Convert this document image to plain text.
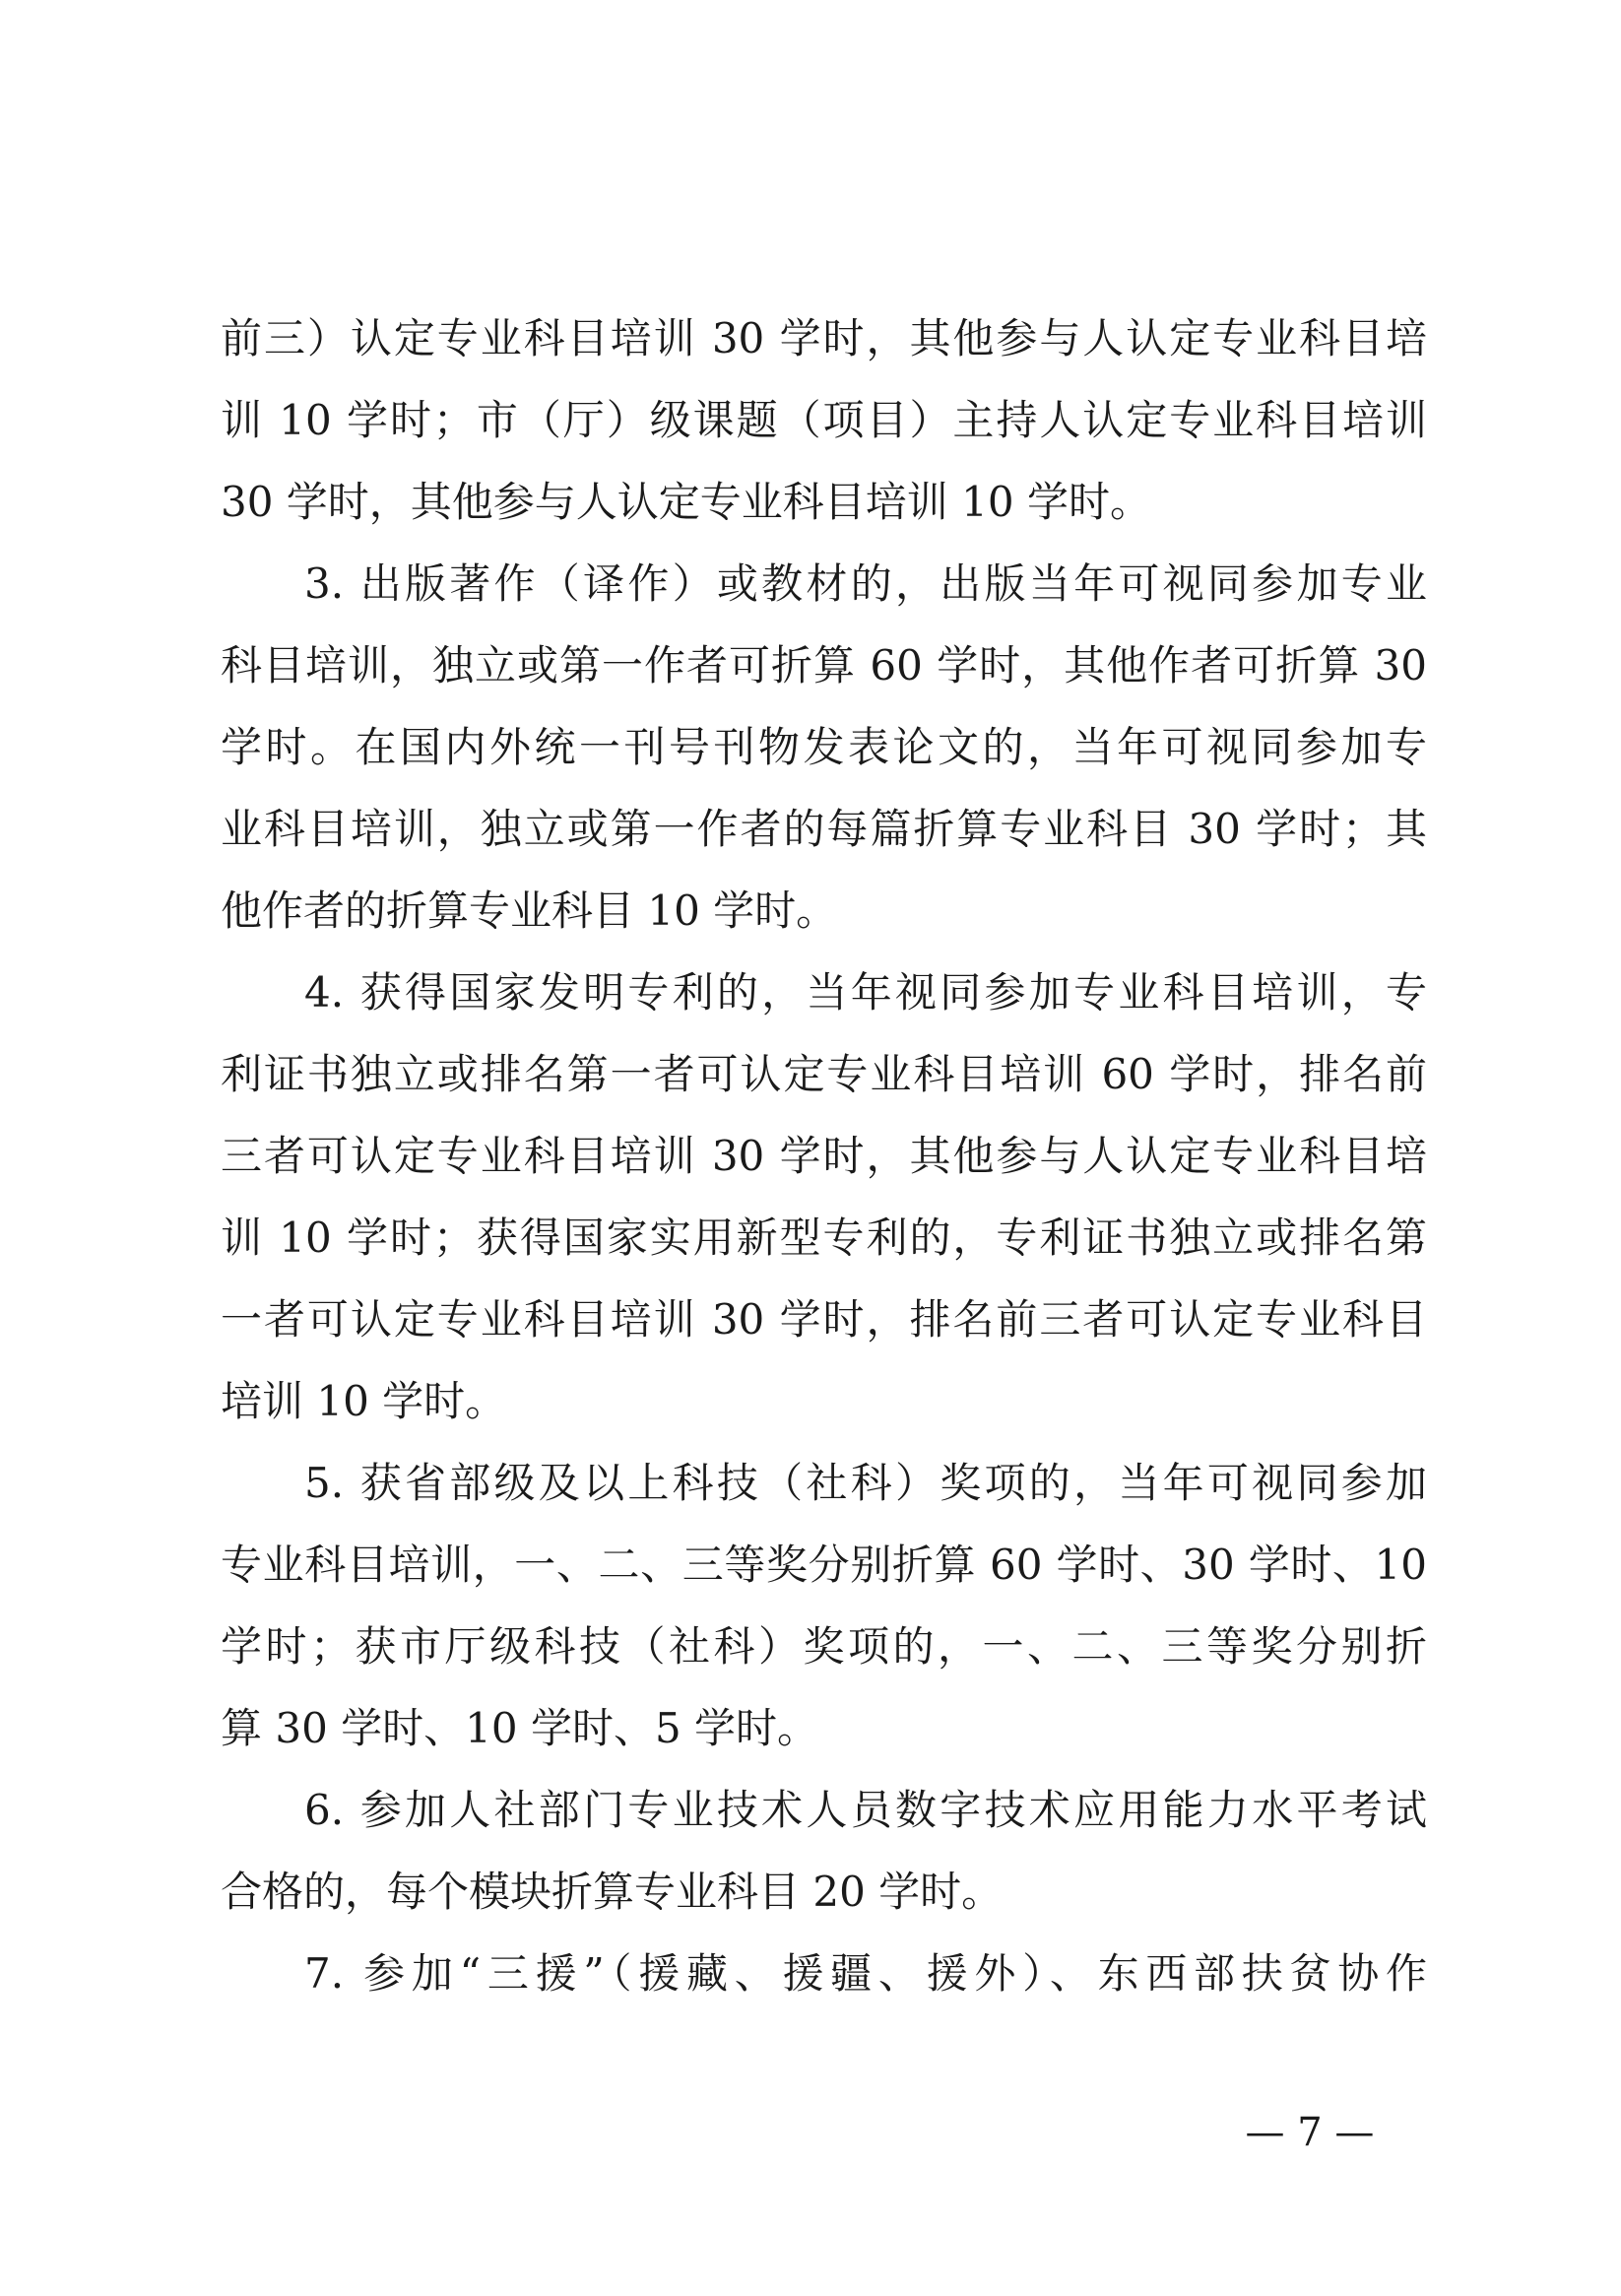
前三）认定专业科目培训 30 学时，其他参与人认定专业科目培
训 10 学时；市（厅）级课题（项目）主持人认定专业科目培训
30 学时，其他参与人认定专业科目培训 10 学时。
3. 出版著作（译作）或教材的，出版当年可视同参加专业
科目培训，独立或第一作者可折算 60 学时，其他作者可折算 30
学时。在国内外统一刊号刊物发表论文的，当年可视同参加专
业科目培训，独立或第一作者的每篇折算专业科目 30 学时；其
他作者的折算专业科目 10 学时。
4. 获得国家发明专利的，当年视同参加专业科目培训，专
利证书独立或排名第一者可认定专业科目培训 60 学时，排名前
三者可认定专业科目培训 30 学时，其他参与人认定专业科目培
训 10 学时；获得国家实用新型专利的，专利证书独立或排名第
一者可认定专业科目培训 30 学时，排名前三者可认定专业科目
培训 10 学时。
5. 获省部级及以上科技（社科）奖项的，当年可视同参加
专业科目培训，一、二、三等奖分别折算 60 学时、30 学时、10
学时；获市厅级科技（社科）奖项的，一、二、三等奖分别折
算 30 学时、10 学时、5 学时。
6. 参加人社部门专业技术人员数字技术应用能力水平考试
合格的，每个模块折算专业科目 20 学时。
7. 参加“三援”（援藏、援疆、援外）、东西部扶贫协作
— 7 —
